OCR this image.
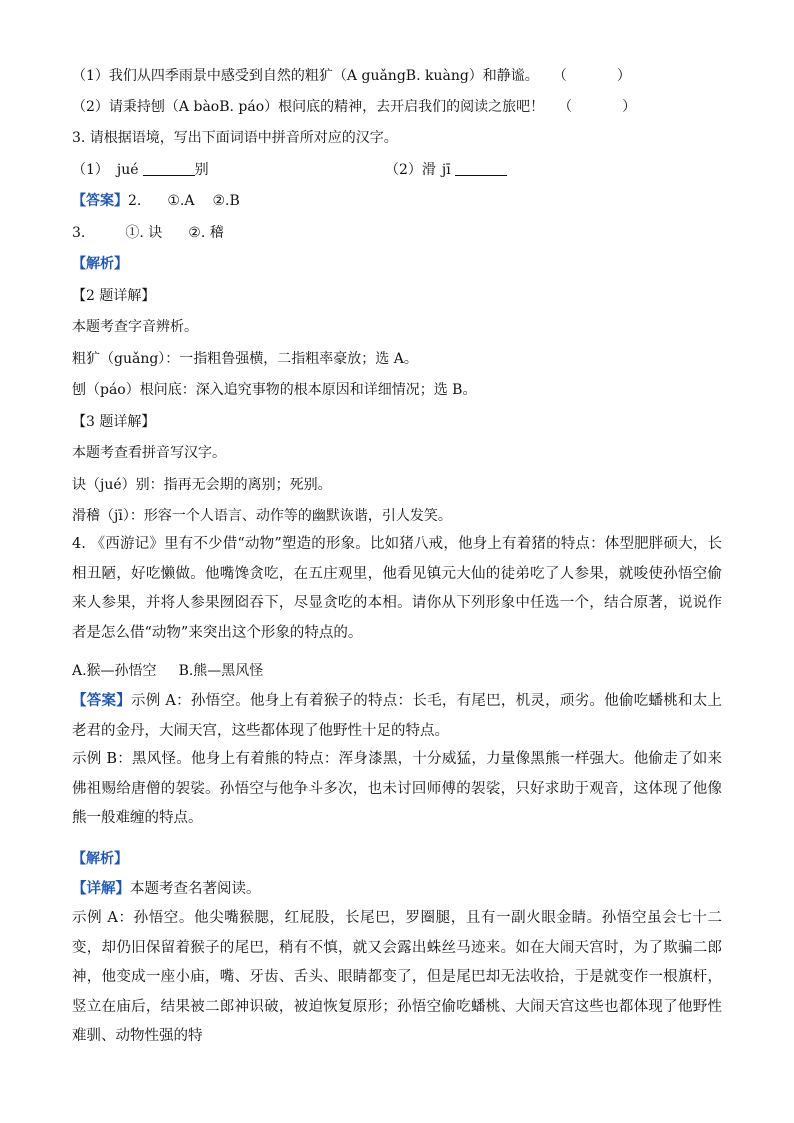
（1）我们从四季雨景中感受到自然的粗犷（A guǎngB. kuàng）和静谧。 （	）
（2）请秉持刨（A bàoB. páo）根问底的精神，去开启我们的阅读之旅吧！ （	）
3. 请根据语境，写出下面词语中拼音所对应的汉字。
（1） jué	别	（2）滑 jī
【答案】2. ①.A ②.B
3.	①. 诀 ②. 稽
【解析】
【2 题详解】
本题考查字音辨析。
粗犷（guǎng）：一指粗鲁强横，二指粗率豪放；选 A。
刨（páo）根问底：深入追究事物的根本原因和详细情况；选 B。
【3 题详解】
本题考查看拼音写汉字。
诀（jué）别：指再无会期的离别；死别。
滑稽（jī）：形容一个人语言、动作等的幽默诙谐，引人发笑。
4. 《西游记》里有不少借“动物”塑造的形象。比如猪八戒，他身上有着猪的特点：体型肥胖硕大，长相丑陋，好吃懒做。他嘴馋贪吃，在五庄观里，他看见镇元大仙的徒弟吃了人参果，就唆使孙悟空偷来人参果，并将人参果囫囵吞下，尽显贪吃的本相。请你从下列形象中任选一个，结合原著，说说作者是怎么借“动物”来突出这个形象的特点的。
A.猴—孙悟空 B.熊—黑风怪
【答案】示例 A：孙悟空。他身上有着猴子的特点：长毛，有尾巴，机灵，顽劣。他偷吃蟠桃和太上老君的金丹，大闹天宫，这些都体现了他野性十足的特点。
示例 B：黑风怪。他身上有着熊的特点：浑身漆黑，十分威猛，力量像黑熊一样强大。他偷走了如来佛祖赐给唐僧的袈裟。孙悟空与他争斗多次，也未讨回师傅的袈裟，只好求助于观音，这体现了他像熊一般难缠的特点。
【解析】
【详解】本题考查名著阅读。
示例 A：孙悟空。他尖嘴猴腮，红屁股，长尾巴，罗圈腿，且有一副火眼金睛。孙悟空虽会七十二变，却仍旧保留着猴子的尾巴，稍有不慎，就又会露出蛛丝马迹来。如在大闹天宫时，为了欺骗二郎神，他变成一座小庙，嘴、牙齿、舌头、眼睛都变了，但是尾巴却无法收拾，于是就变作一根旗杆，竖立在庙后，结果被二郎神识破，被迫恢复原形；孙悟空偷吃蟠桃、大闹天宫这些也都体现了他野性难驯、动物性强的特
